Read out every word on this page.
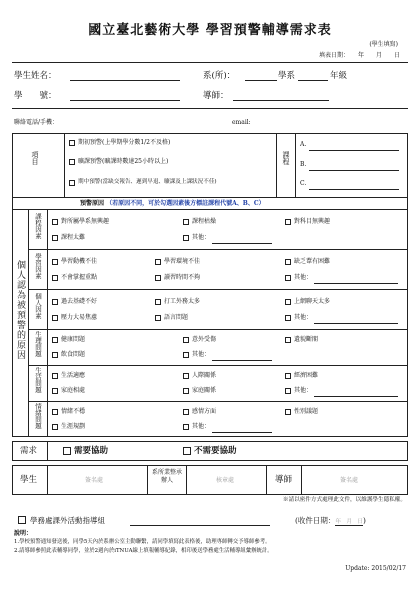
國立臺北藝術大學 學習預警輔導需求表
(學生填寫)
填表日期：　　年　　月　　日
學生姓名：	系(所)：	學系	年級
學　　號：	導師：
聯絡電話/手機：	email:
項目
期初預警(上學期學分數1/2不及格)
曠課預警(曠課時數達25小時以上)
期中預警(當缺交報告、遲到早退、曠課及上課狀況不佳)
課程
A.
B.
C.
預警原因 （若原因不同，可於勾選因素後方標註課程代號A、B、C）
個人認為被預警的原因
課程因素	對所屬學系無興趣	課程枯燥	對科目無興趣
課程太難	其他：
學習因素	學習動機不佳	學習環境不佳	缺乏葦有困難
不會掌握重點	讀習時間不夠	其他：
個人因素	過去基礎不好	打工外務太多	上網聊天太多
壓力大易焦慮	語言問題	其他：
生理問題	健康問題	意外受傷	遺貌斷閣
飲食問題	其他：
生活問題	生活適應	人際關係	經濟困難
家庭相處	家庭關係	其他：
情緒問題	情緒不穩	感情方面	性別議題
生涯規劃	其他：
需求	需要協助	不需要協助
學生	簽名處
系所業整承辦人	核章處	導師	簽名處
※請以密件方式處理此文件，以維護學生隱私權。
學務處課外活動指導組	(收件日期：年　月　日)
說明：
1.學校預警通知發送後，同學5天內於系辦公室主動聯繫，請同學填寫此表格後，助理專師轉交予導師參考。
2.請導師參照此表輔導同學，並於2週內於iTNUA線上填報輔導紀錄，相印後送學務處生活輔導組彙辦統計。
Update: 2015/02/17
